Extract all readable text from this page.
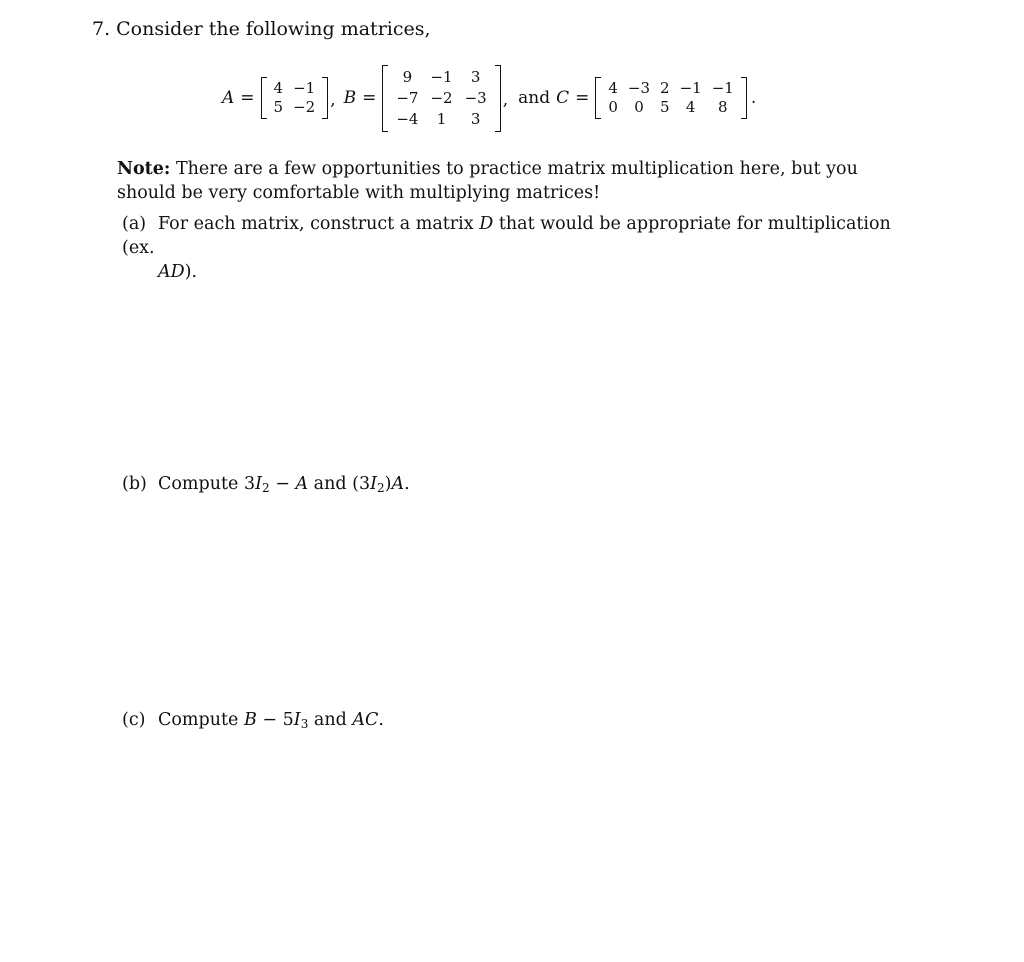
7. Consider the following matrices,
A = 4	−1
5	−2 , B =
9	−1	3
−7	−2	−3
−4	1	3
, and C = 4	−3	2	−1	−1
0	0	5	4	8 .
Note: There are a few opportunities to practice matrix multiplication here, but you should be very comfortable with multiplying matrices!
(a) For each matrix, construct a matrix D that would be appropriate for multiplication (ex.
AD).
(b) Compute $3I_2 - A$ and $(3I_2)A$.
(c) Compute $B - 5I_3$ and AC.
